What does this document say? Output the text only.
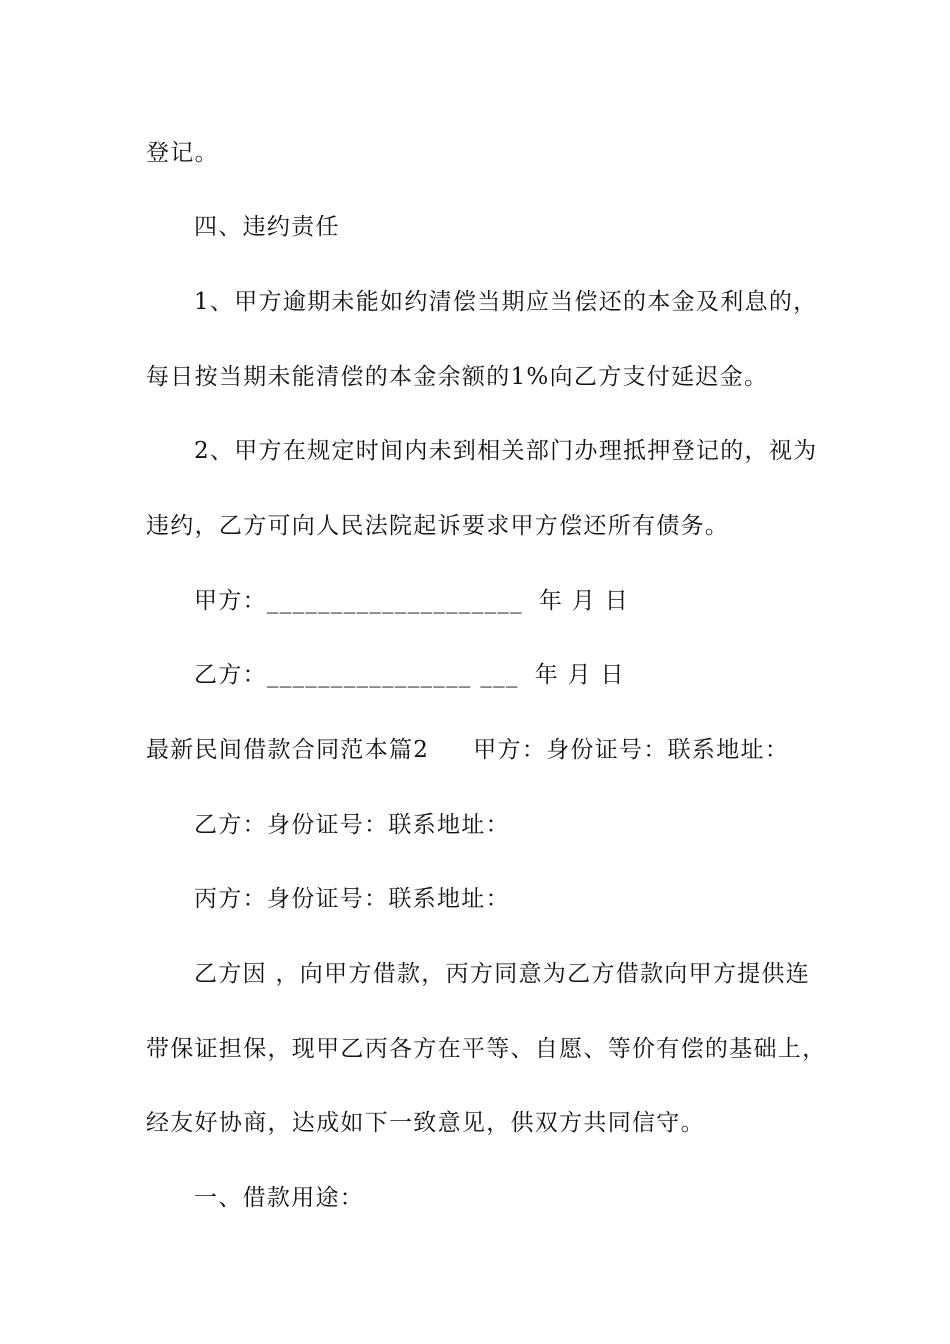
登记。
四、违约责任
1、甲方逾期未能如约清偿当期应当偿还的本金及利息的，
每日按当期未能清偿的本金余额的1%向乙方支付延迟金。
2、甲方在规定时间内未到相关部门办理抵押登记的，视为
违约，乙方可向人民法院起诉要求甲方偿还所有债务。
甲方：____________________ 年 月 日
乙方：________________ ___ 年 月 日
最新民间借款合同范本篇2 甲方：身份证号：联系地址：
乙方：身份证号：联系地址：
丙方：身份证号：联系地址：
乙方因 ，向甲方借款，丙方同意为乙方借款向甲方提供连
带保证担保，现甲乙丙各方在平等、自愿、等价有偿的基础上，
经友好协商，达成如下一致意见，供双方共同信守。
一、借款用途：
